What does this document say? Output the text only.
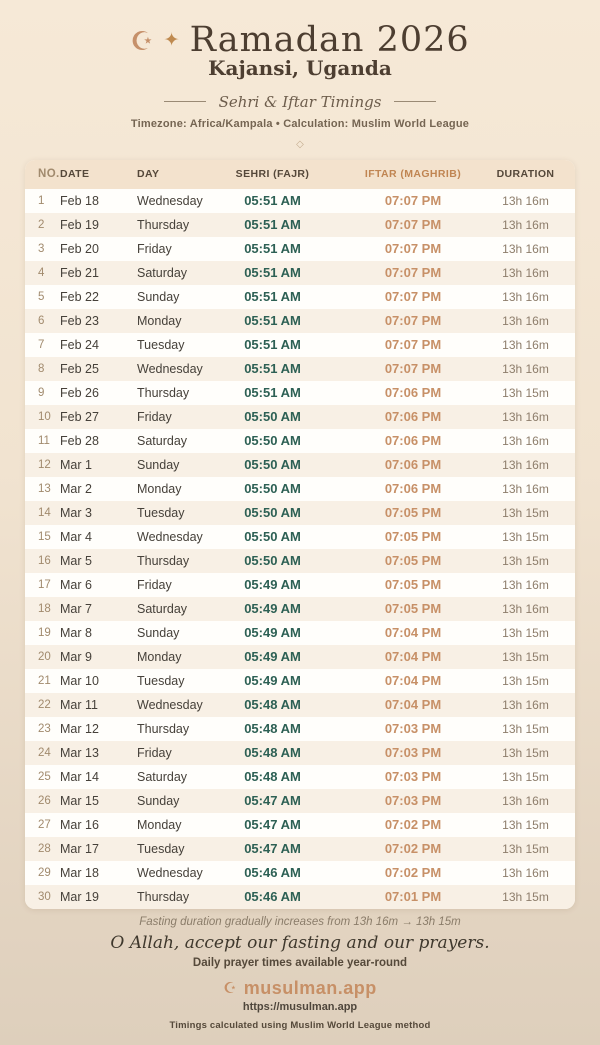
☪ ✦ Ramadan 2026
Kajansi, Uganda
Sehri & Iftar Timings
Timezone: Africa/Kampala • Calculation: Muslim World League
◇
NO. DATE	DAY	SEHRI (FAJR)	IFTAR (MAGHRIB)	DURATION
1	Feb 18	Wednesday	05:51 AM	07:07 PM	13h 16m
2	Feb 19	Thursday	05:51 AM	07:07 PM	13h 16m
3	Feb 20	Friday	05:51 AM	07:07 PM	13h 16m
4	Feb 21	Saturday	05:51 AM	07:07 PM	13h 16m
5	Feb 22	Sunday	05:51 AM	07:07 PM	13h 16m
6	Feb 23	Monday	05:51 AM	07:07 PM	13h 16m
7	Feb 24	Tuesday	05:51 AM	07:07 PM	13h 16m
8	Feb 25	Wednesday	05:51 AM	07:07 PM	13h 16m
9	Feb 26	Thursday	05:51 AM	07:06 PM	13h 15m
10 Feb 27	Friday	05:50 AM	07:06 PM	13h 16m
11 Feb 28	Saturday	05:50 AM	07:06 PM	13h 16m
12 Mar 1	Sunday	05:50 AM	07:06 PM	13h 16m
13 Mar 2	Monday	05:50 AM	07:06 PM	13h 16m
14 Mar 3	Tuesday	05:50 AM	07:05 PM	13h 15m
15 Mar 4	Wednesday	05:50 AM	07:05 PM	13h 15m
16 Mar 5	Thursday	05:50 AM	07:05 PM	13h 15m
17 Mar 6	Friday	05:49 AM	07:05 PM	13h 16m
18 Mar 7	Saturday	05:49 AM	07:05 PM	13h 16m
19 Mar 8	Sunday	05:49 AM	07:04 PM	13h 15m
20 Mar 9	Monday	05:49 AM	07:04 PM	13h 15m
21 Mar 10	Tuesday	05:49 AM	07:04 PM	13h 15m
22 Mar 11	Wednesday	05:48 AM	07:04 PM	13h 16m
23 Mar 12	Thursday	05:48 AM	07:03 PM	13h 15m
24 Mar 13	Friday	05:48 AM	07:03 PM	13h 15m
25 Mar 14	Saturday	05:48 AM	07:03 PM	13h 15m
26 Mar 15	Sunday	05:47 AM	07:03 PM	13h 16m
27 Mar 16	Monday	05:47 AM	07:02 PM	13h 15m
28 Mar 17	Tuesday	05:47 AM	07:02 PM	13h 15m
29 Mar 18	Wednesday	05:46 AM	07:02 PM	13h 16m
30 Mar 19	Thursday	05:46 AM	07:01 PM	13h 15m
Fasting duration gradually increases from 13h 16m → 13h 15m
O Allah, accept our fasting and our prayers.
Daily prayer times available year-round
☪ musulman.app
https://musulman.app
Timings calculated using Muslim World League method
